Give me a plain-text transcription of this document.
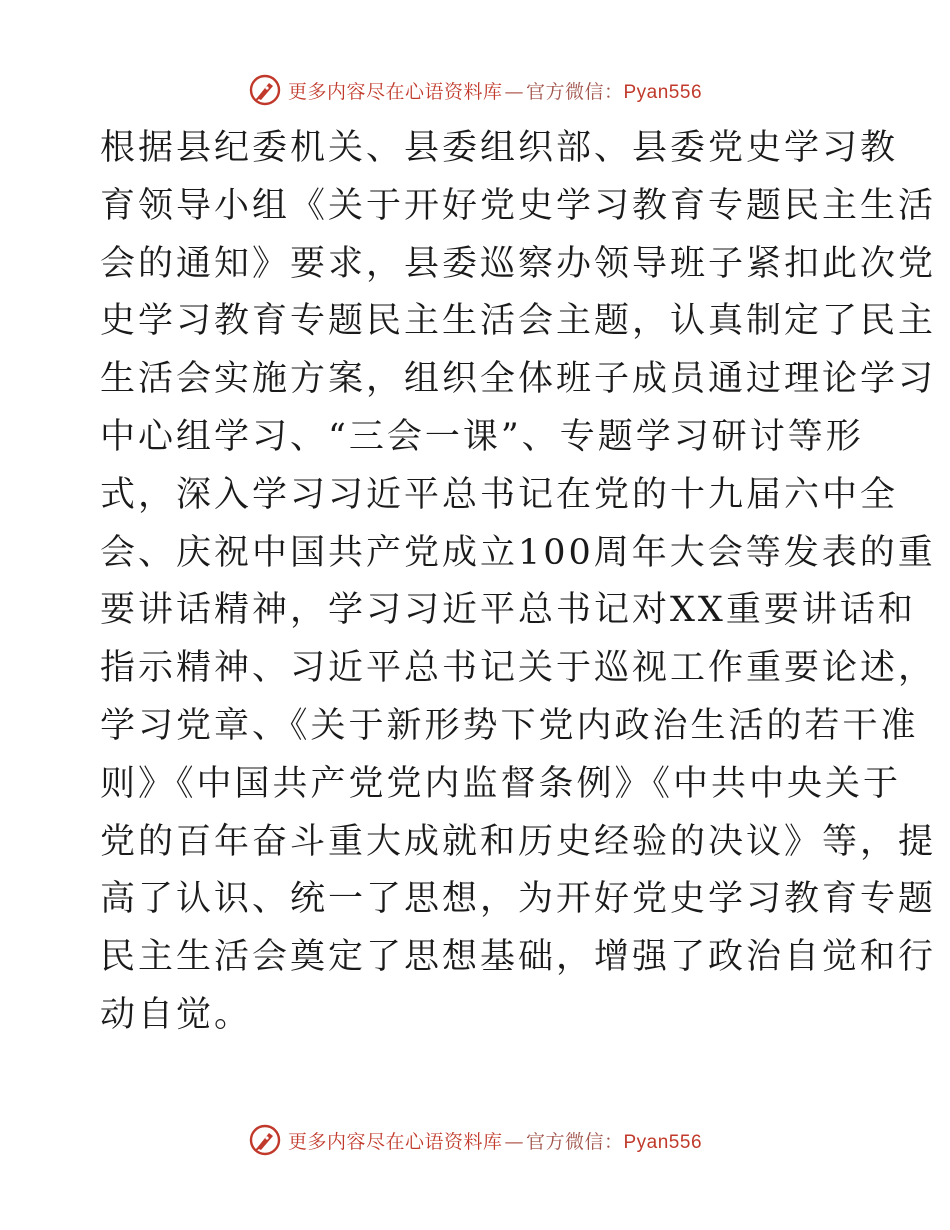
更多内容尽在心语资料库 — 官方微信： Pyan556
根据县纪委机关、县委组织部、县委党史学习教
育领导小组《关于开好党史学习教育专题民主生活
会的通知》要求，县委巡察办领导班子紧扣此次党
史学习教育专题民主生活会主题，认真制定了民主
生活会实施方案，组织全体班子成员通过理论学习
中心组学习、“三会一课”、专题学习研讨等形
式，深入学习习近平总书记在党的十九届六中全
会、庆祝中国共产党成立100周年大会等发表的重
要讲话精神，学习习近平总书记对XX重要讲话和
指示精神、习近平总书记关于巡视工作重要论述，
学习党章、《关于新形势下党内政治生活的若干准
则》《中国共产党党内监督条例》《中共中央关于
党的百年奋斗重大成就和历史经验的决议》等，提
高了认识、统一了思想，为开好党史学习教育专题
民主生活会奠定了思想基础，增强了政治自觉和行
动自觉。
更多内容尽在心语资料库 — 官方微信： Pyan556
